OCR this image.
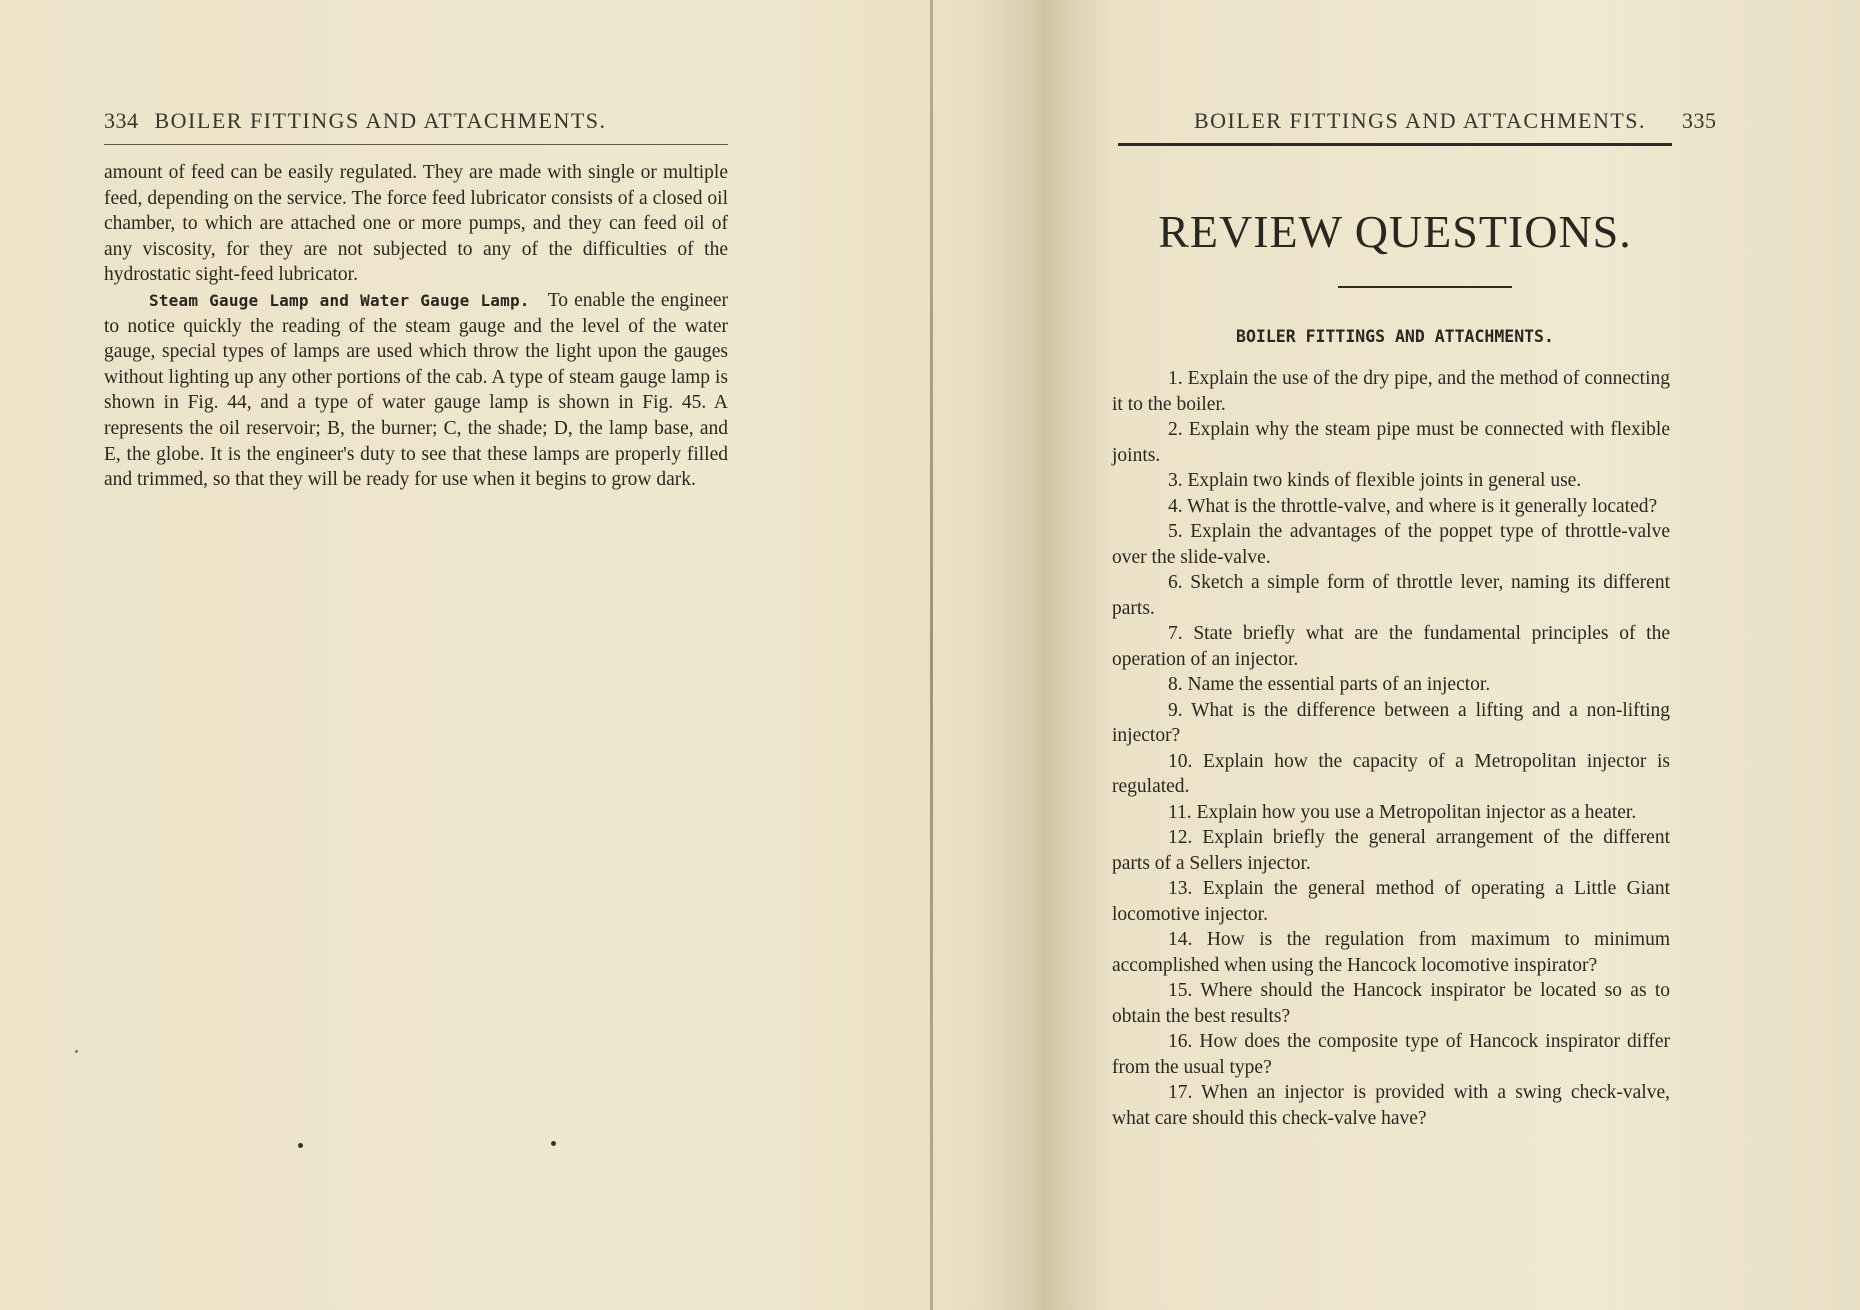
334 BOILER FITTINGS AND ATTACHMENTS.

amount of feed can be easily regulated. They are made with single or multiple feed, depending on the service. The force feed lubricator consists of a closed oil chamber, to which are attached one or more pumps, and they can feed oil of any viscosity, for they are not subjected to any of the difficulties of the hydrostatic sight-feed lubricator.

Steam Gauge Lamp and Water Gauge Lamp. To enable the engineer to notice quickly the reading of the steam gauge and the level of the water gauge, special types of lamps are used which throw the light upon the gauges without lighting up any other portions of the cab. A type of steam gauge lamp is shown in Fig. 44, and a type of water gauge lamp is shown in Fig. 45. A represents the oil reservoir; B, the burner; C, the shade; D, the lamp base, and E, the globe. It is the engineer's duty to see that these lamps are properly filled and trimmed, so that they will be ready for use when it begins to grow dark.

BOILER FITTINGS AND ATTACHMENTS. 335
REVIEW QUESTIONS.
BOILER FITTINGS AND ATTACHMENTS.

1. Explain the use of the dry pipe, and the method of connecting it to the boiler.

2. Explain why the steam pipe must be connected with flexible joints.

3. Explain two kinds of flexible joints in general use.

4. What is the throttle-valve, and where is it generally located?

5. Explain the advantages of the poppet type of throttle-valve over the slide-valve.

6. Sketch a simple form of throttle lever, naming its different parts.

7. State briefly what are the fundamental principles of the operation of an injector.

8. Name the essential parts of an injector.

9. What is the difference between a lifting and a non-lifting injector?

10. Explain how the capacity of a Metropolitan injector is regulated.

11. Explain how you use a Metropolitan injector as a heater.

12. Explain briefly the general arrangement of the different parts of a Sellers injector.

13. Explain the general method of operating a Little Giant locomotive injector.

14. How is the regulation from maximum to minimum accomplished when using the Hancock locomotive inspirator?

15. Where should the Hancock inspirator be located so as to obtain the best results?

16. How does the composite type of Hancock inspirator differ from the usual type?

17. When an injector is provided with a swing check-valve, what care should this check-valve have?
